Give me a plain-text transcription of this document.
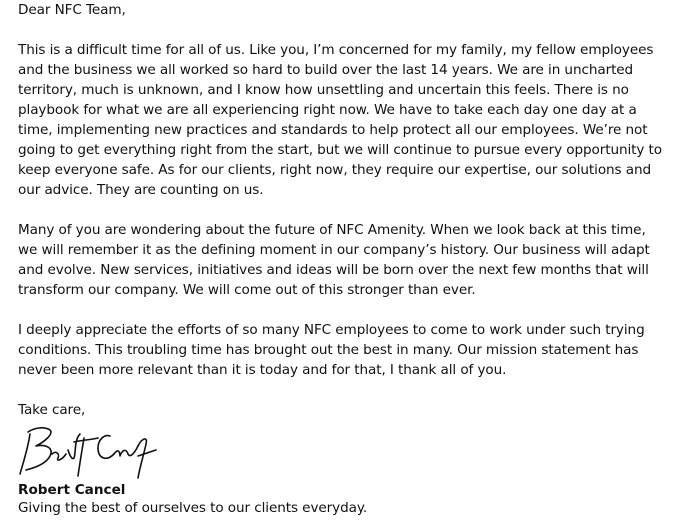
Dear NFC Team,

This is a difficult time for all of us. Like you, I’m concerned for my family, my fellow employees
and the business we all worked so hard to build over the last 14 years. We are in uncharted
territory, much is unknown, and I know how unsettling and uncertain this feels. There is no
playbook for what we are all experiencing right now. We have to take each day one day at a
time, implementing new practices and standards to help protect all our employees. We’re not
going to get everything right from the start, but we will continue to pursue every opportunity to
keep everyone safe. As for our clients, right now, they require our expertise, our solutions and
our advice. They are counting on us.

Many of you are wondering about the future of NFC Amenity. When we look back at this time,
we will remember it as the defining moment in our company’s history. Our business will adapt
and evolve. New services, initiatives and ideas will be born over the next few months that will
transform our company. We will come out of this stronger than ever.

I deeply appreciate the efforts of so many NFC employees to come to work under such trying
conditions. This troubling time has brought out the best in many. Our mission statement has
never been more relevant than it is today and for that, I thank all of you.

Take care,

Robert Cancel
Giving the best of ourselves to our clients everyday.
